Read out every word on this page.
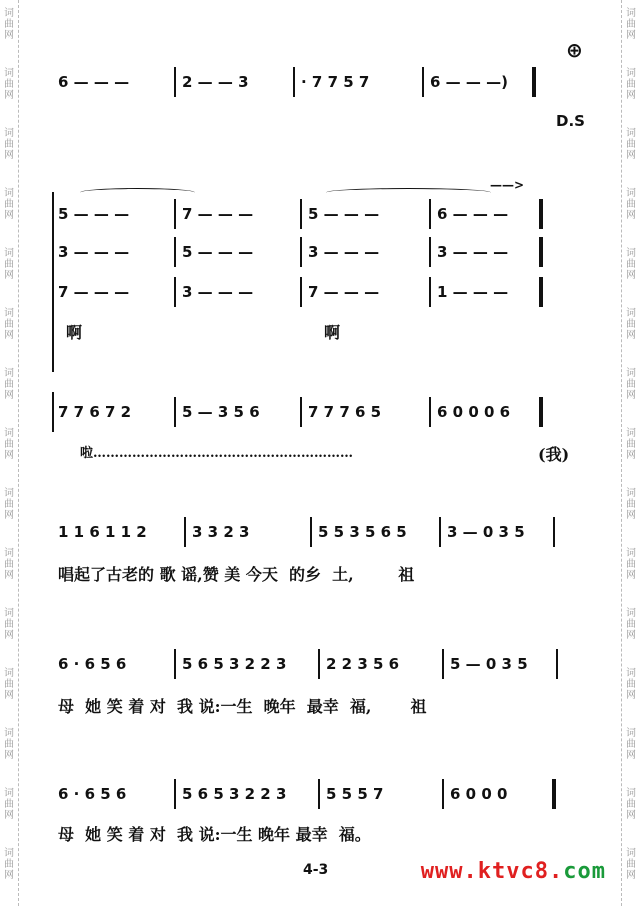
词
曲
网
词
曲
网
词
曲
网
词
曲
网
词
曲
网
词
曲
网
词
曲
网
词
曲
网
词
曲
网
词
曲
网
词
曲
网
词
曲
网
词
曲
网
词
曲
网
词
曲
网
词
曲
网
词
曲
网
词
曲
网
词
曲
网
词
曲
网
词
曲
网
词
曲
网
词
曲
网
词
曲
网
词
曲
网
词
曲
网
词
曲
网
词
曲
网
词
曲
网
词
曲
网
6 — — —	2 — — 3	· 7 7 5 7	6 — — —)
⊕
D.S
——>
5 — — —	7 — — —	5 — — —	6 — — —
3 — — —	5 — — —	3 — — —	3 — — —
7 — — —	3 — — —	7 — — —	1 — — —
啊	啊
7 7 6 7 2	5 — 3 5 6	7 7 7 6 5	6 0 0 0 6
啦……………………………………………………	(我)
1 1 6 1 1 2	3 3 2 3	5 5 3 5 6 5	3 — 0 3 5
唱起了古老的 歌 谣,赞 美 今天  的乡  土,        祖
6 · 6 5 6	5 6 5 3 2 2 3	2 2 3 5 6	5 — 0 3 5
母  她 笑 着 对  我 说:一生  晚年  最幸  福,       祖
6 · 6 5 6	5 6 5 3 2 2 3	5 5 5 7	6 0 0 0
母  她 笑 着 对  我 说:一生 晚年 最幸  福。
4-3	www.ktvc8.com
